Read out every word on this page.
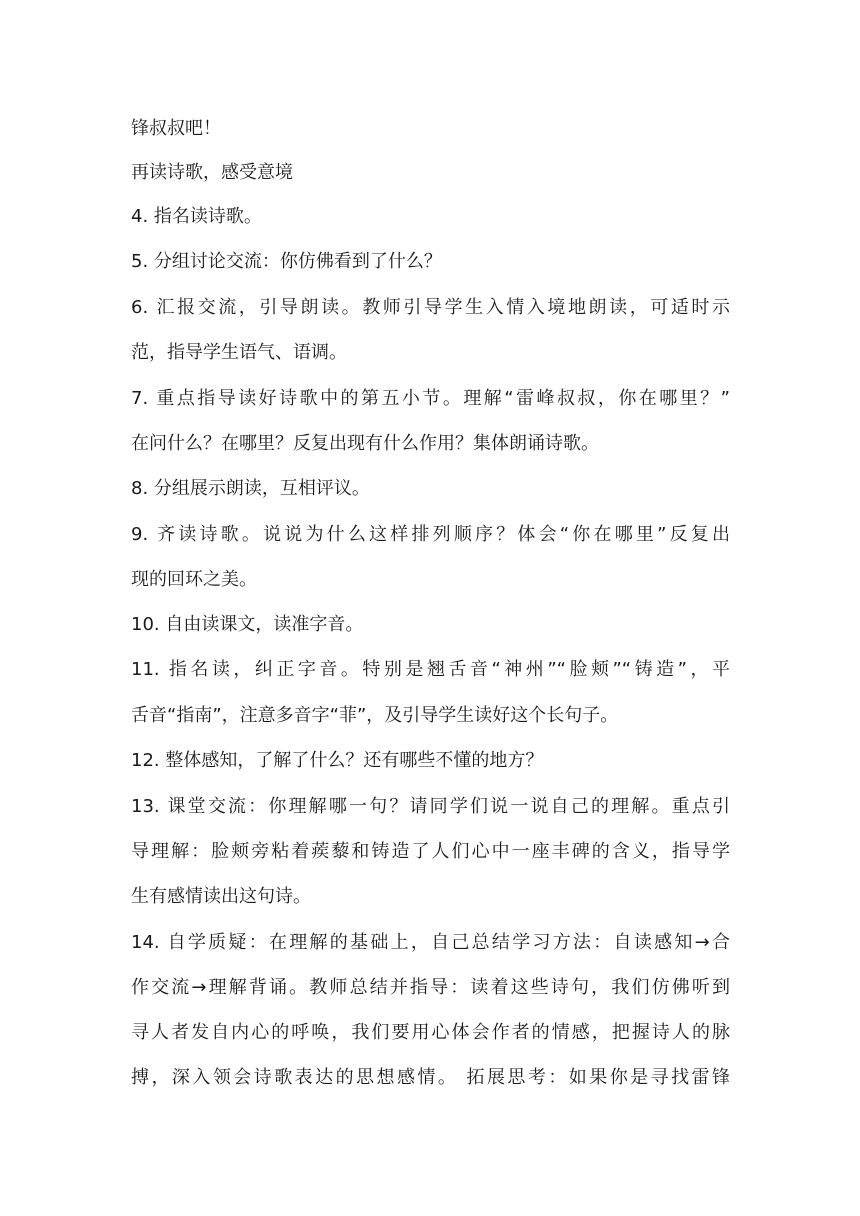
锋叔叔吧！
再读诗歌，感受意境
4. 指名读诗歌。
5. 分组讨论交流：你仿佛看到了什么？
6. 汇报交流，引导朗读。教师引导学生入情入境地朗读，可适时示
范，指导学生语气、语调。
7. 重点指导读好诗歌中的第五小节。理解“雷峰叔叔，你在哪里？”
在问什么？在哪里？反复出现有什么作用？集体朗诵诗歌。
8. 分组展示朗读，互相评议。
9. 齐读诗歌。说说为什么这样排列顺序？体会“你在哪里”反复出
现的回环之美。
10. 自由读课文，读准字音。
11. 指名读，纠正字音。特别是翘舌音“神州”“脸颊”“铸造”，平
舌音“指南”，注意多音字“菲”，及引导学生读好这个长句子。
12. 整体感知，了解了什么？还有哪些不懂的地方？
13. 课堂交流：你理解哪一句？请同学们说一说自己的理解。重点引
导理解：脸颊旁粘着蒺藜和铸造了人们心中一座丰碑的含义，指导学
生有感情读出这句诗。
14. 自学质疑：在理解的基础上，自己总结学习方法：自读感知→合
作交流→理解背诵。教师总结并指导：读着这些诗句，我们仿佛听到
寻人者发自内心的呼唤，我们要用心体会作者的情感，把握诗人的脉
搏，深入领会诗歌表达的思想感情。 拓展思考：如果你是寻找雷锋
